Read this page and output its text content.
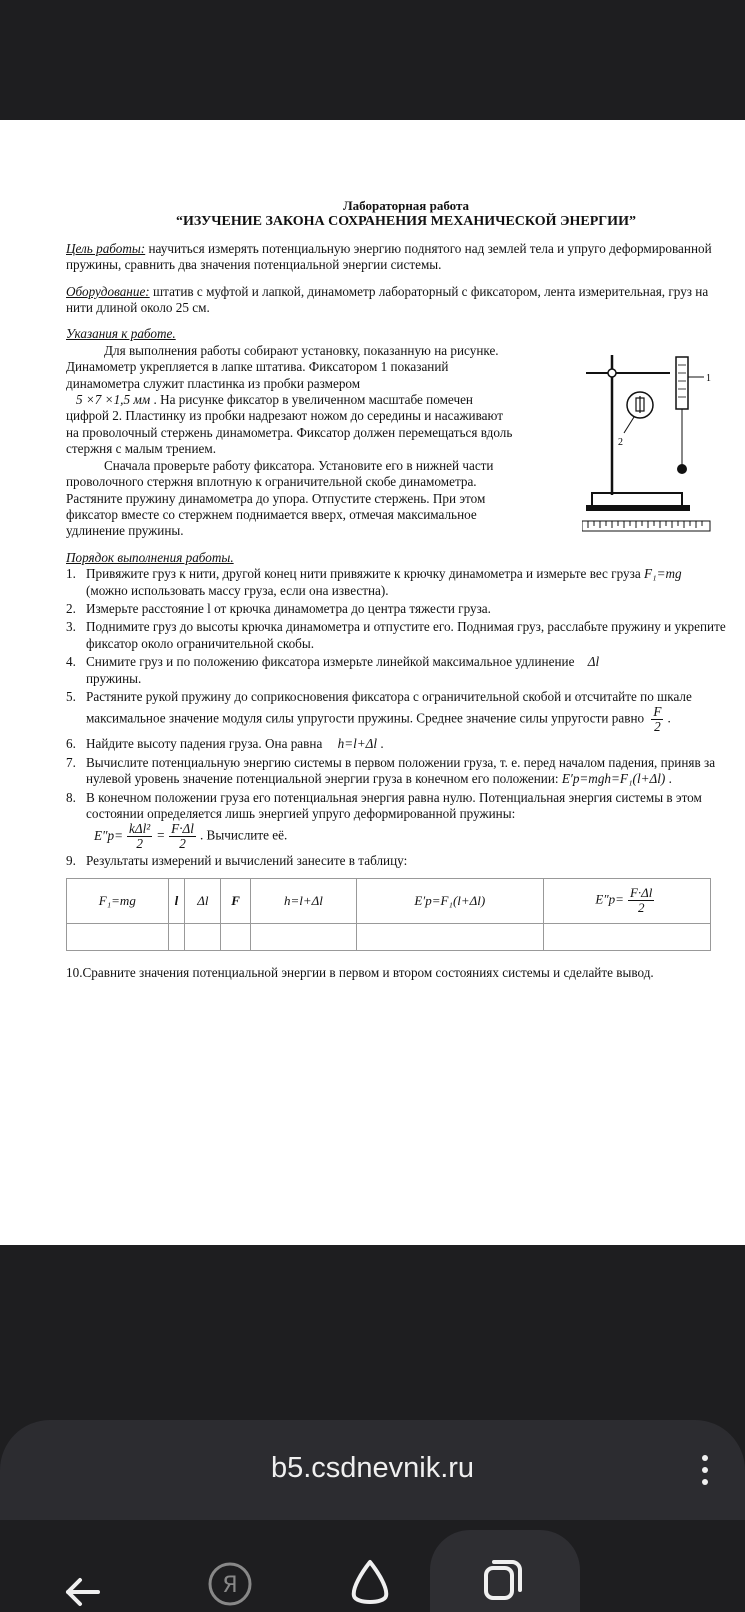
Лабораторная работа
“ИЗУЧЕНИЕ ЗАКОНА СОХРАНЕНИЯ МЕХАНИЧЕСКОЙ ЭНЕРГИИ”
Цель работы: научиться измерять потенциальную энергию поднятого над землей тела и упруго деформированной пружины, сравнить два значения потенциальной энергии системы.
Оборудование: штатив с муфтой и лапкой, динамометр лабораторный с фиксатором, лента измерительная, груз на нити длиной около 25 см.
Указания к работе.
Для выполнения работы собирают установку, показанную на рисунке. Динамометр укрепляется в лапке штатива. Фиксатором 1 показаний динамометра служит пластинка из пробки размером
5 ×7 ×1,5 мм . На рисунке фиксатор в увеличенном масштабе помечен цифрой 2. Пластинку из пробки надрезают ножом до середины и насаживают на проволочный стержень динамометра. Фиксатор должен перемещаться вдоль стержня с малым трением.
Сначала проверьте работу фиксатора. Установите его в нижней части проволочного стержня вплотную к ограничительной скобе динамометра. Растяните пружину динамометра до упора. Отпустите стержень. При этом фиксатор вместе со стержнем поднимается вверх, отмечая максимальное удлинение пружины.
Порядок выполнения работы.
1. Привяжите груз к нити, другой конец нити привяжите к крючку динамометра и измерьте вес груза F₁=mg (можно использовать массу груза, если она известна).
2. Измерьте расстояние l от крючка динамометра до центра тяжести груза.
3. Поднимите груз до высоты крючка динамометра и отпустите его. Поднимая груз, расслабьте пружину и укрепите фиксатор около ограничительной скобы.
4. Снимите груз и по положению фиксатора измерьте линейкой максимальное удлинение Δl
пружины.
5. Растяните рукой пружину до соприкосновения фиксатора с ограничительной скобой и отсчитайте по шкале максимальное значение модуля силы упругости пружины. Среднее значение силы упругости равно $\frac{F}{2}$ .
6. Найдите высоту падения груза. Она равна h=l+Δl .
7. Вычислите потенциальную энергию системы в первом положении груза, т. е. перед началом падения, приняв за нулевой уровень значение потенциальной энергии груза в конечном его положении: E′p=mgh=F₁(l+Δl) .
8. В конечном положении груза его потенциальная энергия равна нулю. Потенциальная энергия системы в этом состоянии определяется лишь энергией упруго деформированной пружины:
$E''p= \frac{\text{kΔl²}}{2} = \frac{F\cdot\Delta l}{2}$ . Вычислите её.
9. Результаты измерений и вычислений занесите в таблицу:
F₁=mg	l	Δl	F	h=l+Δl	E′p=F₁(l+Δl)	$E''p= \frac{F\cdot\Delta l}{2}$

10.Сравните значения потенциальной энергии в первом и втором состояниях системы и сделайте вывод.
1
2
b5.csdnevnik.ru
Я
